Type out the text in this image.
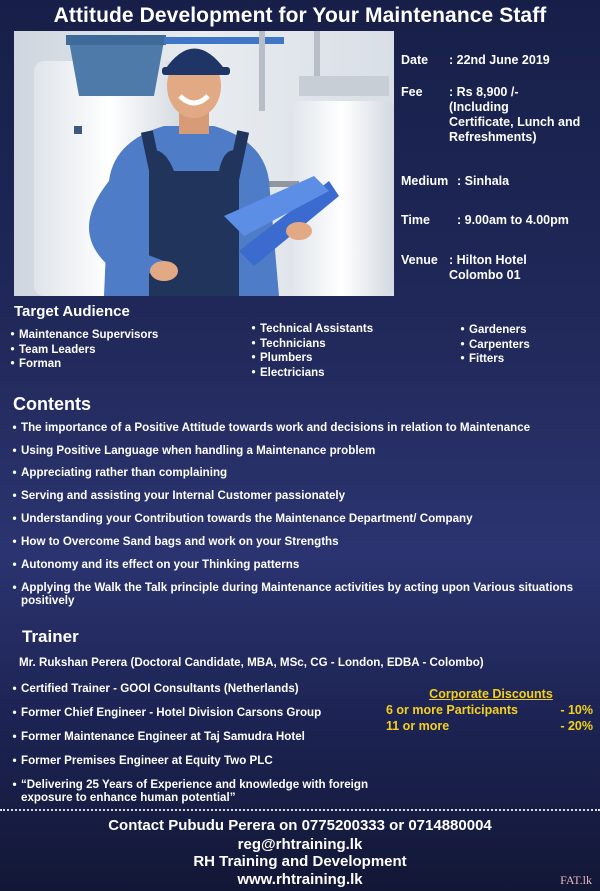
Attitude Development for Your Maintenance Staff
Date : 22nd June 2019
Fee : Rs 8,900 /-
(Including
Certificate, Lunch and
Refreshments)
Medium : Sinhala
Time : 9.00am to 4.00pm
Venue : Hilton Hotel
Colombo 01
Target Audience
• Maintenance Supervisors
• Team Leaders
• Forman
• Technical Assistants
• Technicians
• Plumbers
• Electricians
• Gardeners
• Carpenters
• Fitters
Contents
• The importance of a Positive Attitude towards work and decisions in relation to Maintenance
• Using Positive Language when handling a Maintenance problem
• Appreciating rather than complaining
• Serving and assisting your Internal Customer passionately
• Understanding your Contribution towards the Maintenance Department/ Company
• How to Overcome Sand bags and work on your Strengths
• Autonomy and its effect on your Thinking patterns
• Applying the Walk the Talk principle during Maintenance activities by acting upon Various situations positively
Trainer
Mr. Rukshan Perera (Doctoral Candidate, MBA, MSc, CG - London, EDBA - Colombo)
• Certified Trainer - GOOI Consultants (Netherlands)
• Former Chief Engineer - Hotel Division Carsons Group
• Former Maintenance Engineer at Taj Samudra Hotel
• Former Premises Engineer at Equity Two PLC
• “Delivering 25 Years of Experience and knowledge with foreign exposure to enhance human potential”
Corporate Discounts
6 or more Participants	- 10%
11 or more	- 20%
Contact Pubudu Perera on 0775200333 or 0714880004
reg@rhtraining.lk
RH Training and Development
www.rhtraining.lk	FAT.lk
